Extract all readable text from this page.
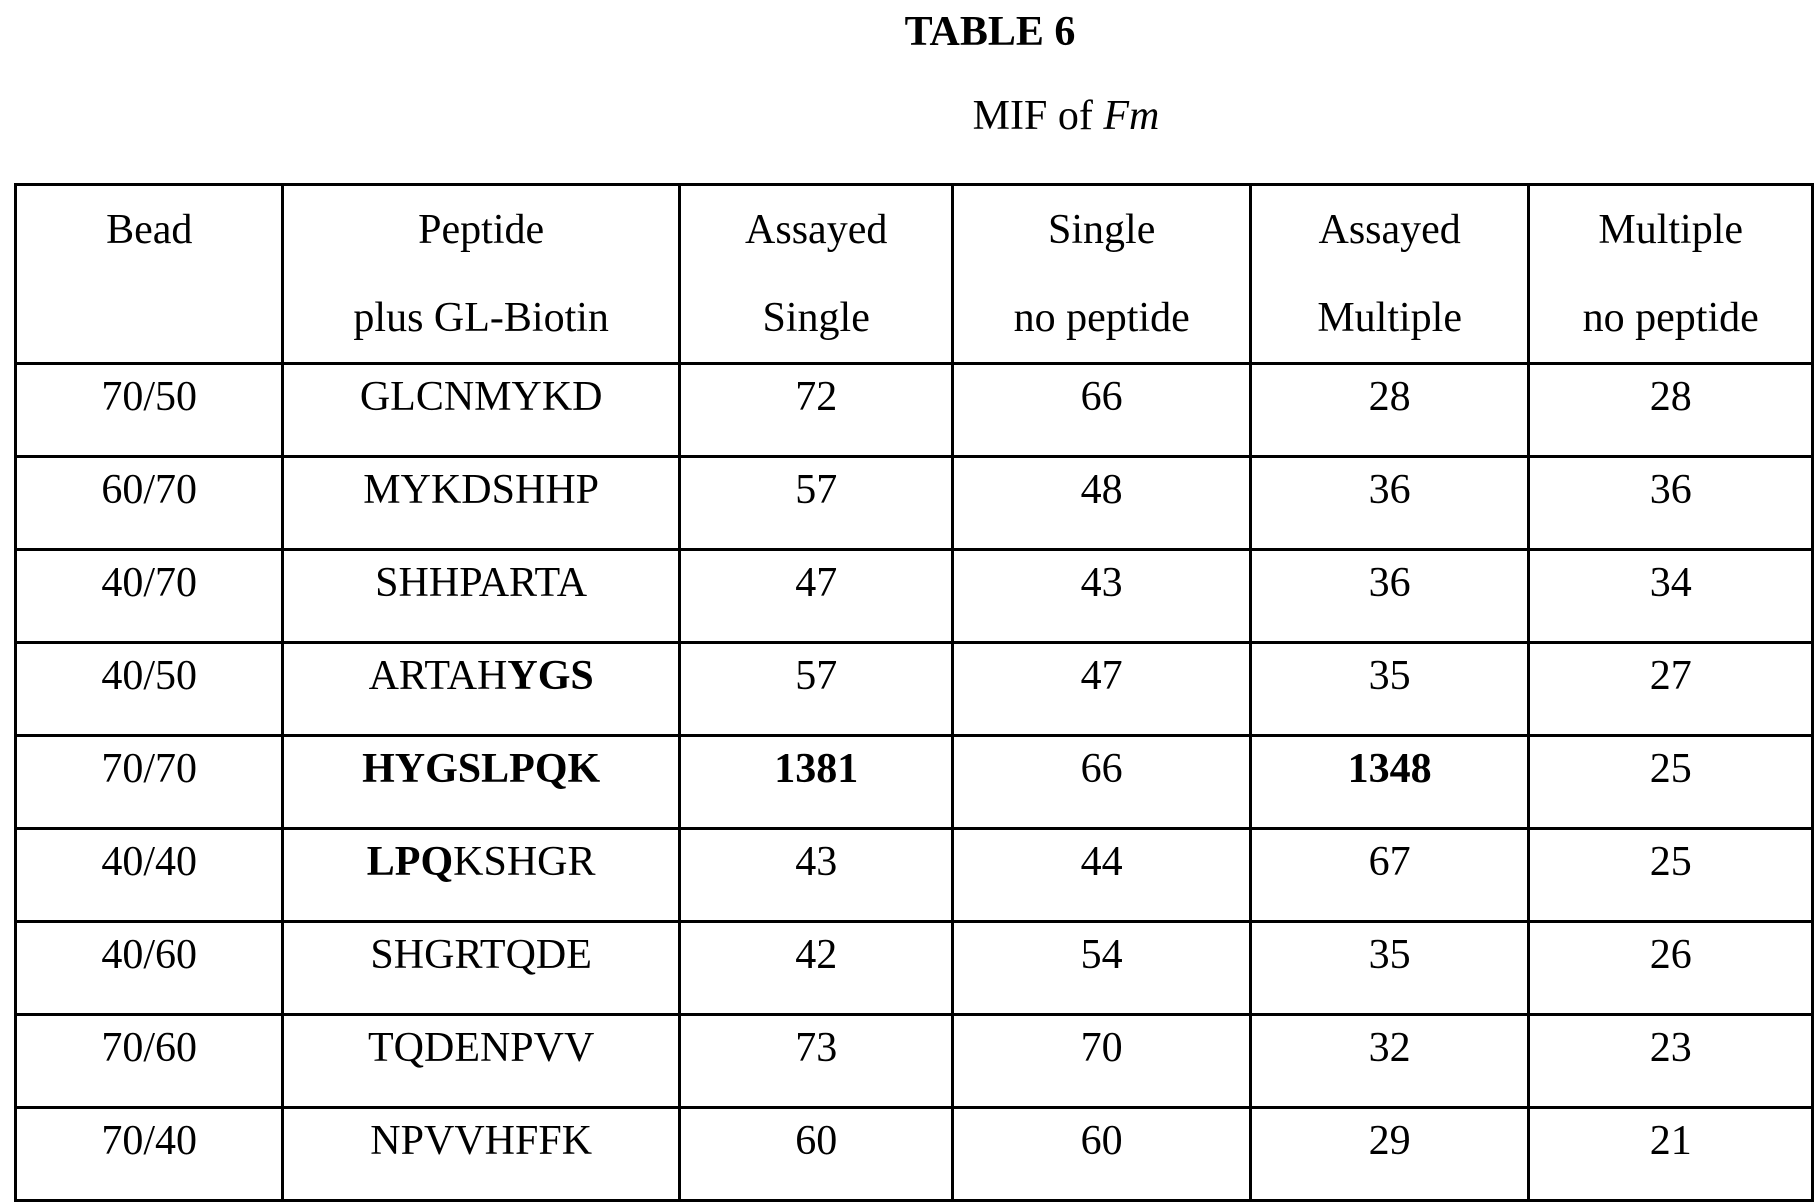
TABLE 6
MIF of Fm
Bead	Peptide
plus GL-Biotin

Assayed
Single

Single
no peptide

Assayed
Multiple

Multiple
no peptide

70/50	GLCNMYKD	72	66	28	28
60/70	MYKDSHHP	57	48	36	36
40/70	SHHPARTA	47	43	36	34
40/50	ARTAHYGS	57	47	35	27
70/70	HYGSLPQK	1381	66	1348	25
40/40	LPQKSHGR	43	44	67	25
40/60	SHGRTQDE	42	54	35	26
70/60	TQDENPVV	73	70	32	23
70/40	NPVVHFFK	60	60	29	21
